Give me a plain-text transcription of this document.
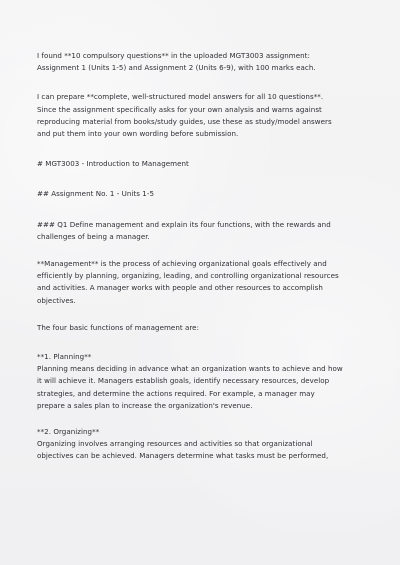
I found **10 compulsory questions** in the uploaded MGT3003 assignment:
Assignment 1 (Units 1-5) and Assignment 2 (Units 6-9), with 100 marks each.
I can prepare **complete, well-structured model answers for all 10 questions**.
Since the assignment specifically asks for your own analysis and warns against
reproducing material from books/study guides, use these as study/model answers
and put them into your own wording before submission.
# MGT3003 - Introduction to Management
## Assignment No. 1 - Units 1-5
### Q1 Define management and explain its four functions, with the rewards and
challenges of being a manager.
**Management** is the process of achieving organizational goals effectively and
efficiently by planning, organizing, leading, and controlling organizational resources
and activities. A manager works with people and other resources to accomplish
objectives.
The four basic functions of management are:
**1. Planning**
Planning means deciding in advance what an organization wants to achieve and how
it will achieve it. Managers establish goals, identify necessary resources, develop
strategies, and determine the actions required. For example, a manager may
prepare a sales plan to increase the organization's revenue.
**2. Organizing**
Organizing involves arranging resources and activities so that organizational
objectives can be achieved. Managers determine what tasks must be performed,
